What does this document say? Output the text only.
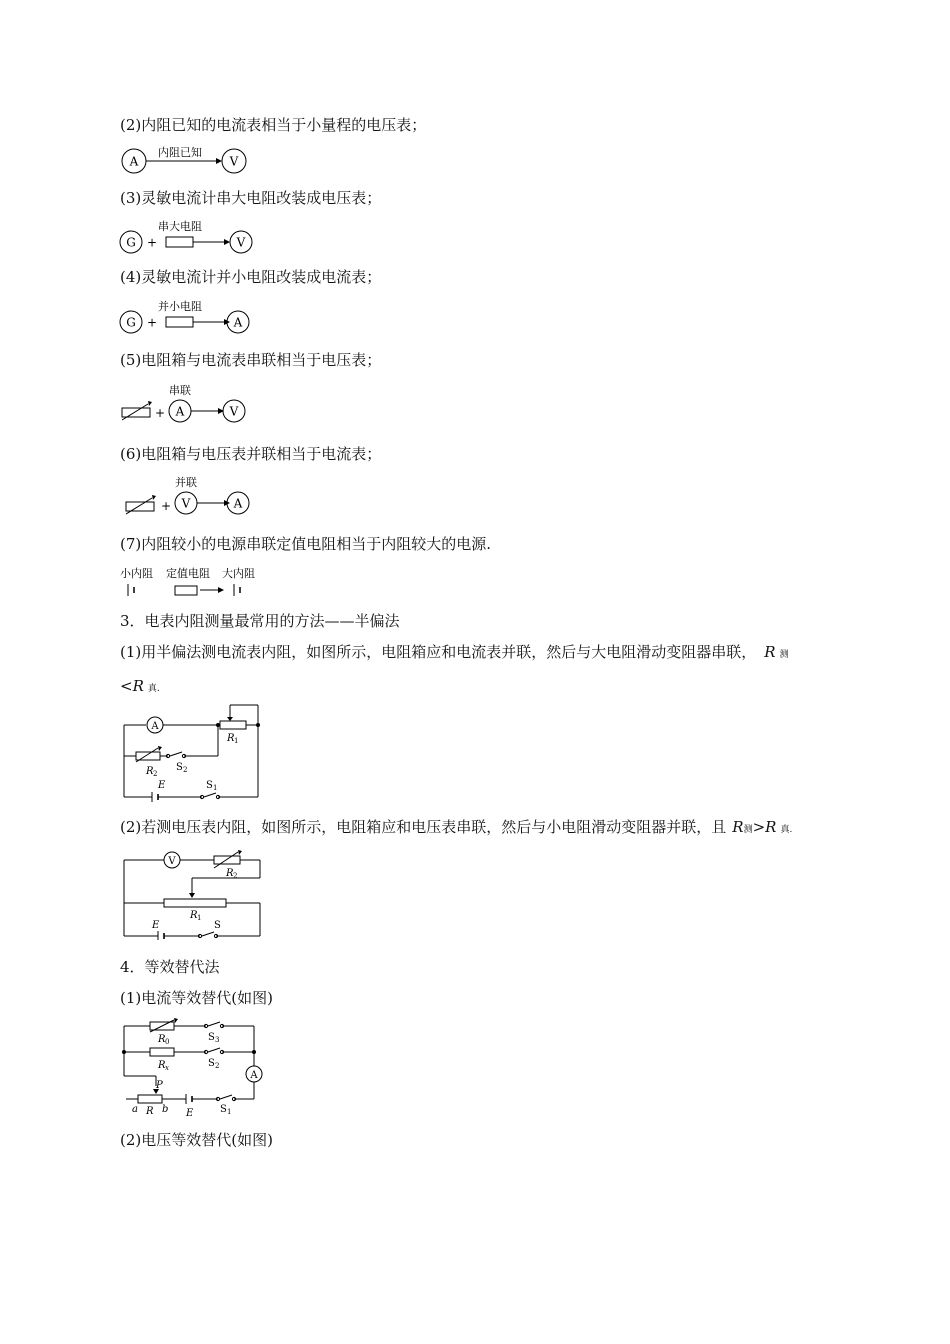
(2)内阻已知的电流表相当于小量程的电压表；
A
内阻已知
V
(3)灵敏电流计串大电阻改装成电压表；
G +
串大电阻
V
(4)灵敏电流计并小电阻改装成电流表；
G +
并小电阻
A
(5)电阻箱与电流表串联相当于电压表；
+ A
串联
V
(6)电阻箱与电压表并联相当于电流表；
+ V
并联
A
(7)内阻较小的电源串联定值电阻相当于内阻较大的电源.
小内阻 定值电阻 大内阻
3．电表内阻测量最常用的方法——半偏法
(1)用半偏法测电流表内阻，如图所示，电阻箱应和电流表并联，然后与大电阻滑动变阻器串联， R 测
<R 真.
A
R 1
R 2
S 2
E	S 1
(2)若测电压表内阻，如图所示，电阻箱应和电压表串联，然后与小电阻滑动变阻器并联，且 R测>R 真.
V
R 2
R 1
E	S
4．等效替代法
(1)电流等效替代(如图)
A
R 0	S 3
R x	S 2
P
a R b E	S 1
(2)电压等效替代(如图)
